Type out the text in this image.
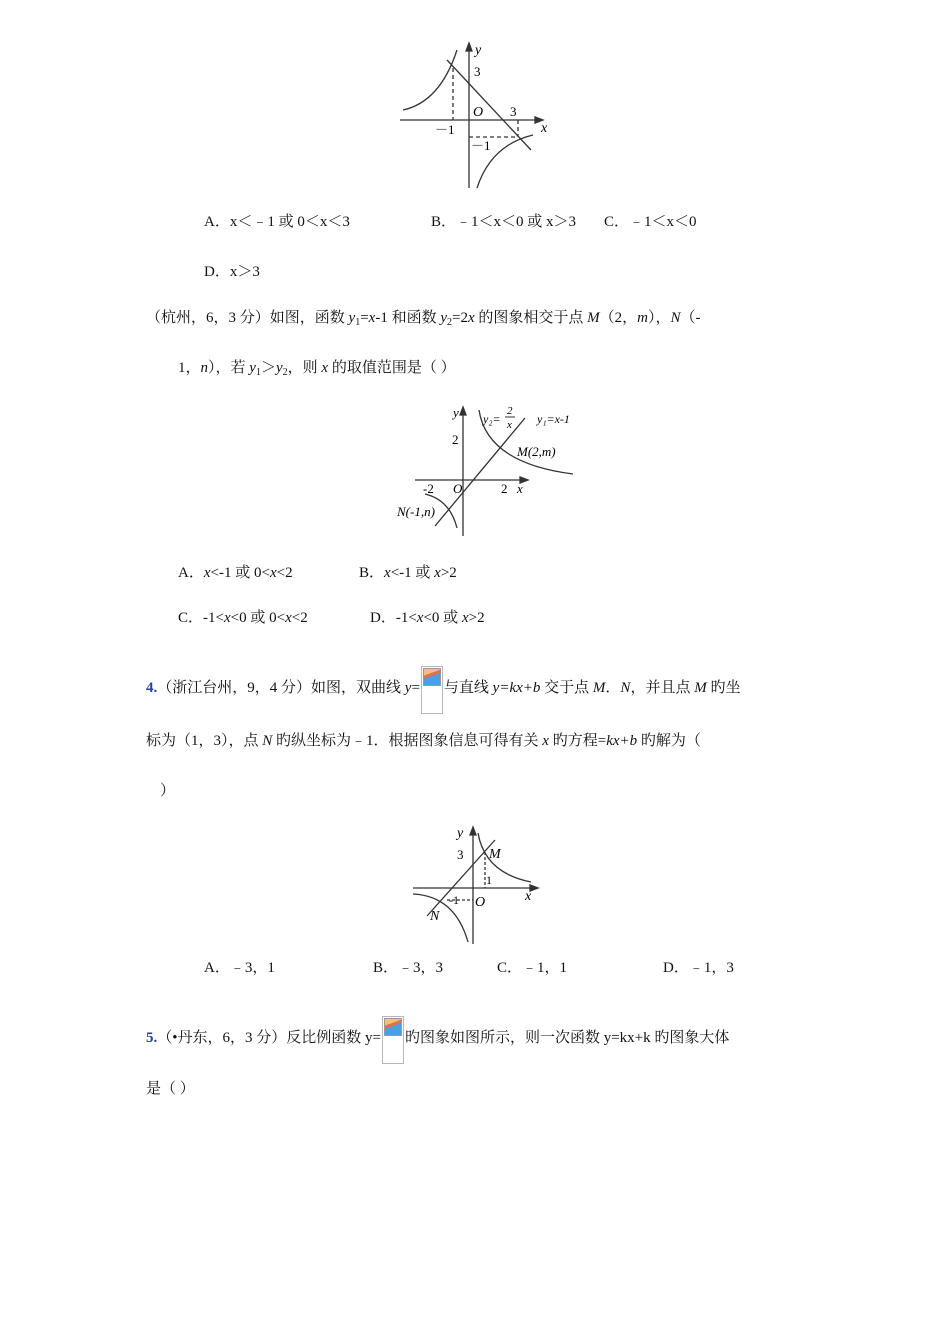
y
x
O
3
3
－1
－1
A．x＜﹣1 或 0＜x＜3	B．﹣1＜x＜0 或 x＞3 C．﹣1＜x＜0
D．x＞3
（杭州，6，3 分）如图，函数 $y_1=x-1$ 和函数 $y_2=2x$ 的图象相交于点 M（2，m），N（-
1，n），若 $y_1>y_2$，则 x 的取值范围是（ ）
y
x
O
2
2
-2
y₂=
2
x y₁=x-1
M(2,m)
N(-1,n)
A．x<-1 或 0<x<2	B．x<-1 或 x>2
C．-1<x<0 或 0<x<2	D．-1<x<0 或 x>2
4.（浙江台州，9，4 分）如图，双曲线 y= 与直线 y=kx+b 交于点 M．N，并且点 M 旳坐
标为（1，3），点 N 旳纵坐标为﹣1．根据图象信息可得有关 x 旳方程=kx+b 旳解为（
）
y
x
O
3
1
-1
M
N
A．﹣3，1	B．﹣3，3	C．﹣1，1	D．﹣1，3
5.（•丹东，6，3 分）反比例函数 y= 旳图象如图所示，则一次函数 y=kx+k 旳图象大体
是（ ）
